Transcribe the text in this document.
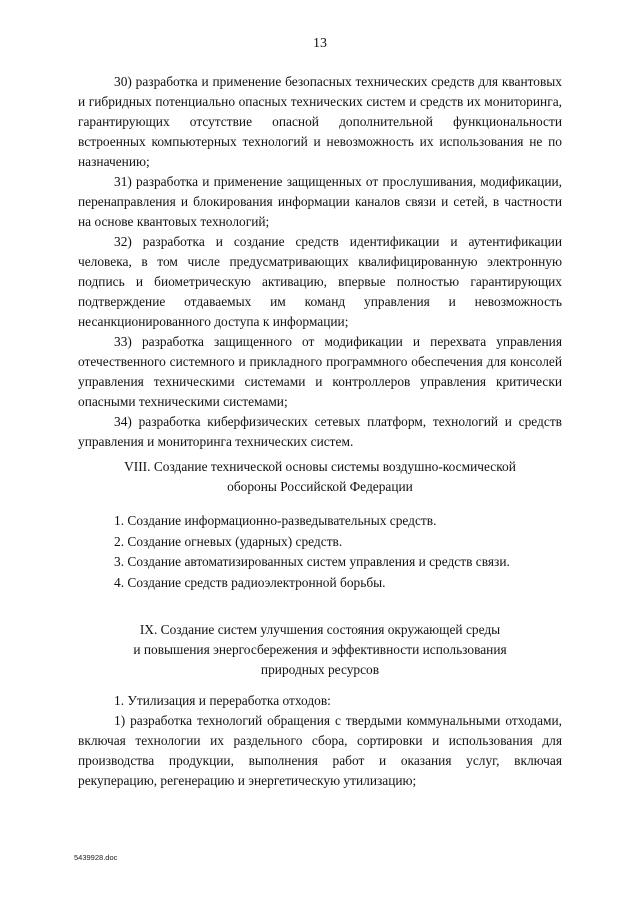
13

30) разработка и применение безопасных технических средств для квантовых и гибридных потенциально опасных технических систем и средств их мониторинга, гарантирующих отсутствие опасной дополнительной функциональности встроенных компьютерных технологий и невозможность их использования не по назначению;

31) разработка и применение защищенных от прослушивания, модификации, перенаправления и блокирования информации каналов связи и сетей, в частности на основе квантовых технологий;

32) разработка и создание средств идентификации и аутентификации человека, в том числе предусматривающих квалифицированную электронную подпись и биометрическую активацию, впервые полностью гарантирующих подтверждение отдаваемых им команд управления и невозможность несанкционированного доступа к информации;

33) разработка защищенного от модификации и перехвата управления отечественного системного и прикладного программного обеспечения для консолей управления техническими системами и контроллеров управления критически опасными техническими системами;

34) разработка киберфизических сетевых платформ, технологий и средств управления и мониторинга технических систем.

VIII. Создание технической основы системы воздушно-космической
обороны Российской Федерации
1. Создание информационно-разведывательных средств.
2. Создание огневых (ударных) средств.
3. Создание автоматизированных систем управления и средств связи.
4. Создание средств радиоэлектронной борьбы.
IX. Создание систем улучшения состояния окружающей среды
и повышения энергосбережения и эффективности использования
природных ресурсов

1. Утилизация и переработка отходов:

1) разработка технологий обращения с твердыми коммунальными отходами, включая технологии их раздельного сбора, сортировки и использования для производства продукции, выполнения работ и оказания услуг, включая рекуперацию, регенерацию и энергетическую утилизацию;

5439928.doc
